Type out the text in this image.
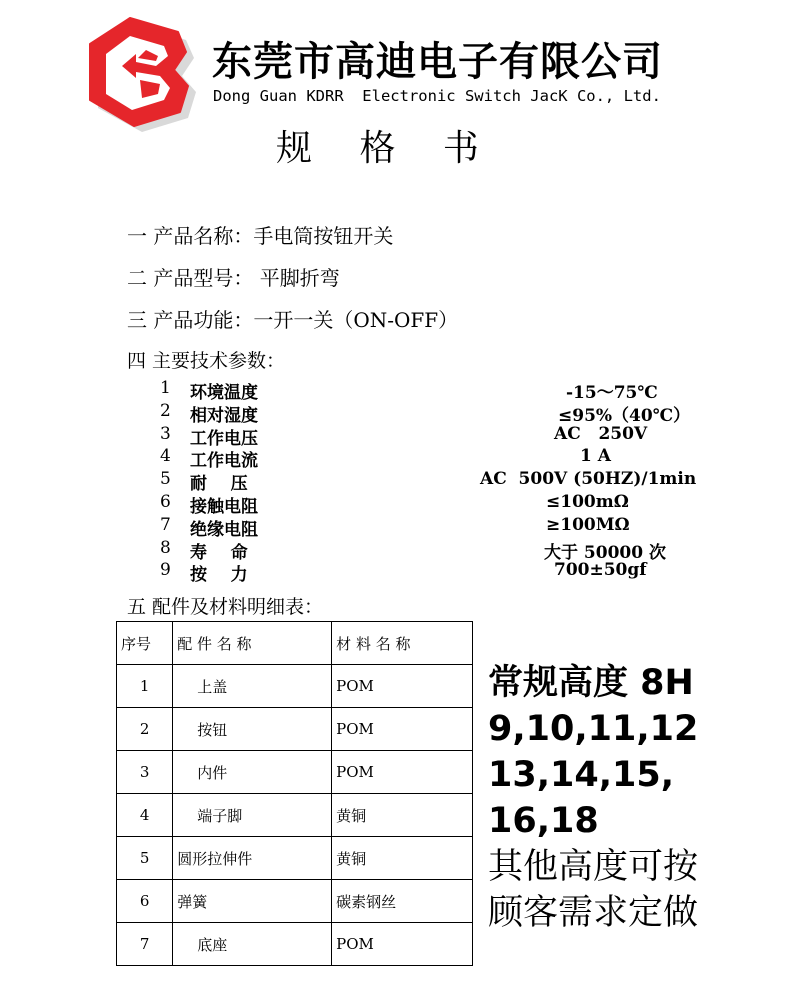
东莞市高迪电子有限公司
Dong Guan KDRR  Electronic Switch JacK Co., Ltd.
规 格 书
一 产品名称：手电筒按钮开关
二 产品型号： 平脚折弯
三 产品功能：一开一关（ON-OFF）
四 主要技术参数：
1	环境温度	-15～75℃
2	相对湿度	≤95%（40℃）
3	工作电压	AC   250V
4	工作电流	1 A
5	耐    压	AC  500V (50HZ)/1min
6	接触电阻	≤100mΩ
7	绝缘电阻	≥100MΩ
8	寿    命	大于 50000 次
9	按    力	700±50gf
五 配件及材料明细表：
序号	配 件 名 称	材 料 名 称
1	上盖	POM
2	按钮	POM
3	内件	POM
4	端子脚	黄铜
5	圆形拉伸件	黄铜
6	弹簧	碳素钢丝
7	底座	POM
常规高度 8H
9,10,11,12
13,14,15,
16,18
其他高度可按
顾客需求定做
